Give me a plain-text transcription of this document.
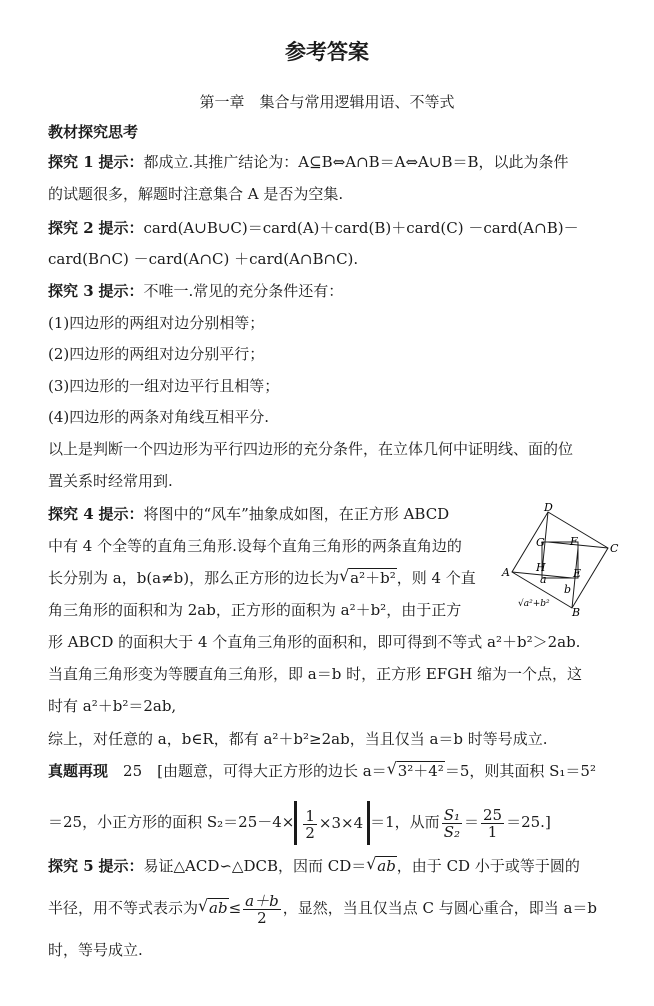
参考答案
第一章　集合与常用逻辑用语、不等式
教材探究思考
探究 1 提示：都成立.其推广结论为：A⊆B⇔A∩B＝A⇔A∪B＝B，以此为条件
的试题很多，解题时注意集合 A 是否为空集.
探究 2 提示：card(A∪B∪C)＝card(A)＋card(B)＋card(C) －card(A∩B)－
card(B∩C) －card(A∩C) ＋card(A∩B∩C).
探究 3 提示：不唯一.常见的充分条件还有：
(1)四边形的两组对边分别相等；
(2)四边形的两组对边分别平行；
(3)四边形的一组对边平行且相等；
(4)四边形的两条对角线互相平分.
以上是判断一个四边形为平行四边形的充分条件，在立体几何中证明线、面的位
置关系时经常用到.
探究 4 提示：将图中的“风车”抽象成如图，在正方形 ABCD
中有 4 个全等的直角三角形.设每个直角三角形的两条直角边的
长分别为 a，b(a≠b)，那么正方形的边长为 √ a²＋b²，则 4 个直
角三角形的面积和为 2ab，正方形的面积为 a²＋b²，由于正方
形 ABCD 的面积大于 4 个直角三角形的面积和，即可得到不等式 a²＋b²＞2ab.
当直角三角形变为等腰直角三角形，即 a＝b 时，正方形 EFGH 缩为一个点，这
时有 a²＋b²＝2ab,
综上，对任意的 a，b∈R，都有 a²＋b²≥2ab，当且仅当 a＝b 时等号成立.
D
C
A
B
G F
H E
a
b
√a²+b²
真题再现　 25　[由题意，可得大正方形的边长 a＝ √ 3²＋4²＝5，则其面积 S₁＝5²
＝25，小正方形的面积 $S_2=25-4\times \frac{1}{2} \times 3\times 4 =1$，从而 $\frac{\text{S₁}}{\text{S₂}} = \frac{25}{1} =25$.]
探究 5 提示：易证△ACD∽△DCB，因而 CD＝ √ ab，由于 CD 小于或等于圆的
半径，用不等式表示为 √ $ab\le \frac{a+b}{2}$ ，显然，当且仅当点 C 与圆心重合，即当 a＝b
时，等号成立.
